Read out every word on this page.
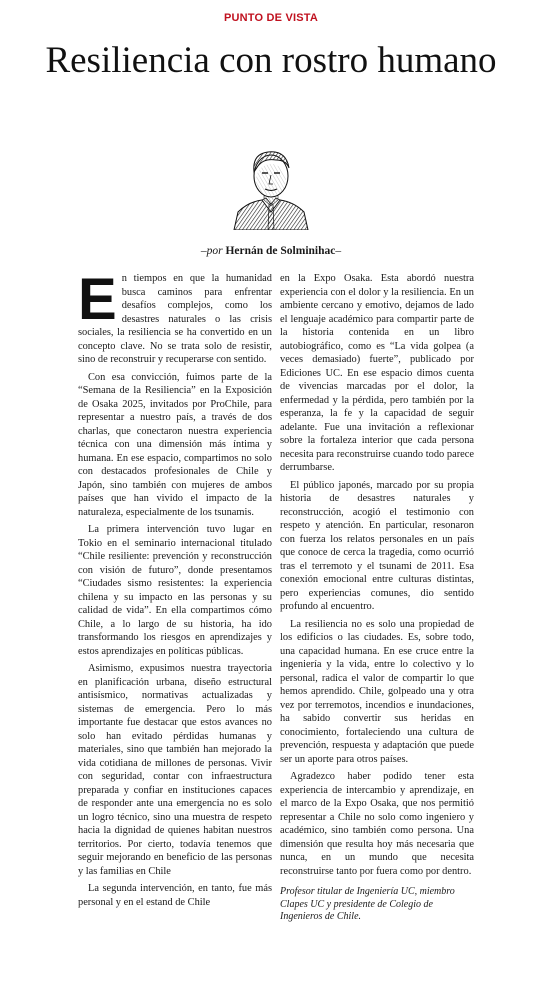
PUNTO DE VISTA
Resiliencia con rostro humano
–por Hernán de Solminihac–

En tiempos en que la humanidad busca caminos para enfrentar desafíos complejos, como los desastres naturales o las crisis sociales, la resiliencia se ha convertido en un concepto clave. No se trata solo de resistir, sino de reconstruir y recuperarse con sentido.

Con esa convicción, fuimos parte de la “Semana de la Resiliencia” en la Exposición de Osaka 2025, invitados por ProChile, para representar a nuestro país, a través de dos charlas, que conectaron nuestra experiencia técnica con una dimensión más íntima y humana. En ese espacio, compartimos no solo con destacados profesionales de Chile y Japón, sino también con mujeres de ambos países que han vivido el impacto de la naturaleza, especialmente de los tsunamis.

La primera intervención tuvo lugar en Tokio en el seminario internacional titulado “Chile resiliente: prevención y reconstrucción con visión de futuro”, donde presentamos “Ciudades sismo resistentes: la experiencia chilena y su impacto en las personas y su calidad de vida”. En ella compartimos cómo Chile, a lo largo de su historia, ha ido transformando los riesgos en aprendizajes y estos aprendizajes en políticas públicas.

Asimismo, expusimos nuestra trayectoria en planificación urbana, diseño estructural antisísmico, normativas actualizadas y sistemas de emergencia. Pero lo más importante fue destacar que estos avances no solo han evitado pérdidas humanas y materiales, sino que también han mejorado la vida cotidiana de millones de personas. Vivir con seguridad, contar con infraestructura preparada y confiar en instituciones capaces de responder ante una emergencia no es solo un logro técnico, sino una muestra de respeto hacia la dignidad de quienes habitan nuestros territorios. Por cierto, todavía tenemos que seguir mejorando en beneficio de las personas y las familias en Chile

La segunda intervención, en tanto, fue más personal y en el estand de Chile

en la Expo Osaka. Esta abordó nuestra experiencia con el dolor y la resiliencia. En un ambiente cercano y emotivo, dejamos de lado el lenguaje académico para compartir parte de la historia contenida en un libro autobiográfico, como es “La vida golpea (a veces demasiado) fuerte”, publicado por Ediciones UC. En ese espacio dimos cuenta de vivencias marcadas por el dolor, la enfermedad y la pérdida, pero también por la esperanza, la fe y la capacidad de seguir adelante. Fue una invitación a reflexionar sobre la fortaleza interior que cada persona necesita para reconstruirse cuando todo parece derrumbarse.

El público japonés, marcado por su propia historia de desastres naturales y reconstrucción, acogió el testimonio con respeto y atención. En particular, resonaron con fuerza los relatos personales en un país que conoce de cerca la tragedia, como ocurrió tras el terremoto y el tsunami de 2011. Esa conexión emocional entre culturas distintas, pero experiencias comunes, dio sentido profundo al encuentro.

La resiliencia no es solo una propiedad de los edificios o las ciudades. Es, sobre todo, una capacidad humana. En ese cruce entre la ingeniería y la vida, entre lo colectivo y lo personal, radica el valor de compartir lo que hemos aprendido. Chile, golpeado una y otra vez por terremotos, incendios e inundaciones, ha sabido convertir sus heridas en conocimiento, fortaleciendo una cultura de prevención, respuesta y adaptación que puede ser un aporte para otros países.

Agradezco haber podido tener esta experiencia de intercambio y aprendizaje, en el marco de la Expo Osaka, que nos permitió representar a Chile no solo como ingeniero y académico, sino también como persona. Una dimensión que resulta hoy más necesaria que nunca, en un mundo que necesita reconstruirse tanto por fuera como por dentro.

Profesor titular de Ingeniería UC, miembro Clapes UC y presidente de Colegio de Ingenieros de Chile.
